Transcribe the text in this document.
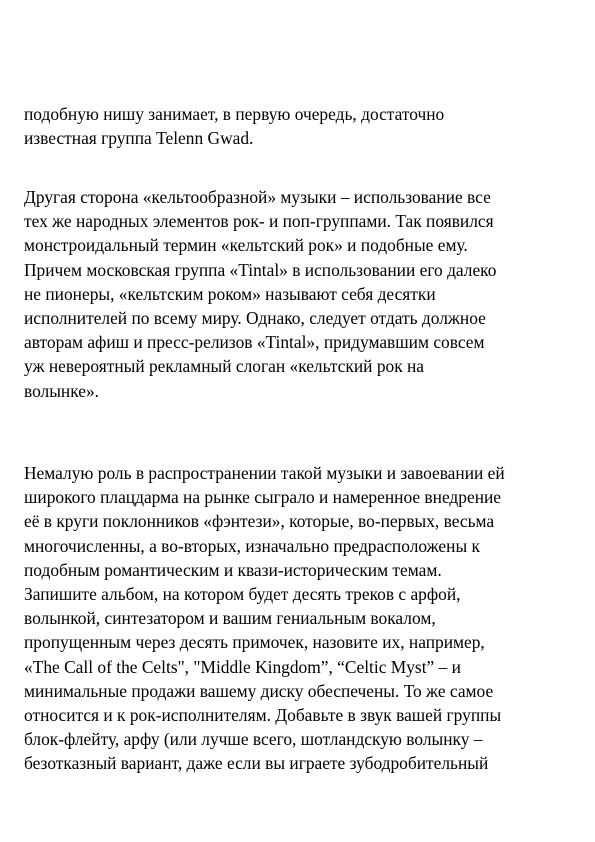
подобную нишу занимает, в первую очередь, достаточно
известная группа Telenn Gwad.
Другая сторона «кельтообразной» музыки – использование все
тех же народных элементов рок- и поп-группами. Так появился
монстроидальный термин «кельтский рок» и подобные ему.
Причем московская группа «Tintal» в использовании его далеко
не пионеры, «кельтским роком» называют себя десятки
исполнителей по всему миру. Однако, следует отдать должное
авторам афиш и пресс-релизов «Tintal», придумавшим совсем
уж невероятный рекламный слоган «кельтский рок на
волынке».
Немалую роль в распространении такой музыки и завоевании ей
широкого плацдарма на рынке сыграло и намеренное внедрение
её в круги поклонников «фэнтези», которые, во-первых, весьма
многочисленны, а во-вторых, изначально предрасположены к
подобным романтическим и квази-историческим темам.
Запишите альбом, на котором будет десять треков с арфой,
волынкой, синтезатором и вашим гениальным вокалом,
пропущенным через десять примочек, назовите их, например,
«The Call of the Celts", "Middle Kingdom”, “Celtic Myst” – и
минимальные продажи вашему диску обеспечены. То же самое
относится и к рок-исполнителям. Добавьте в звук вашей группы
блок-флейту, арфу (или лучше всего, шотландскую волынку –
безотказный вариант, даже если вы играете зубодробительный
